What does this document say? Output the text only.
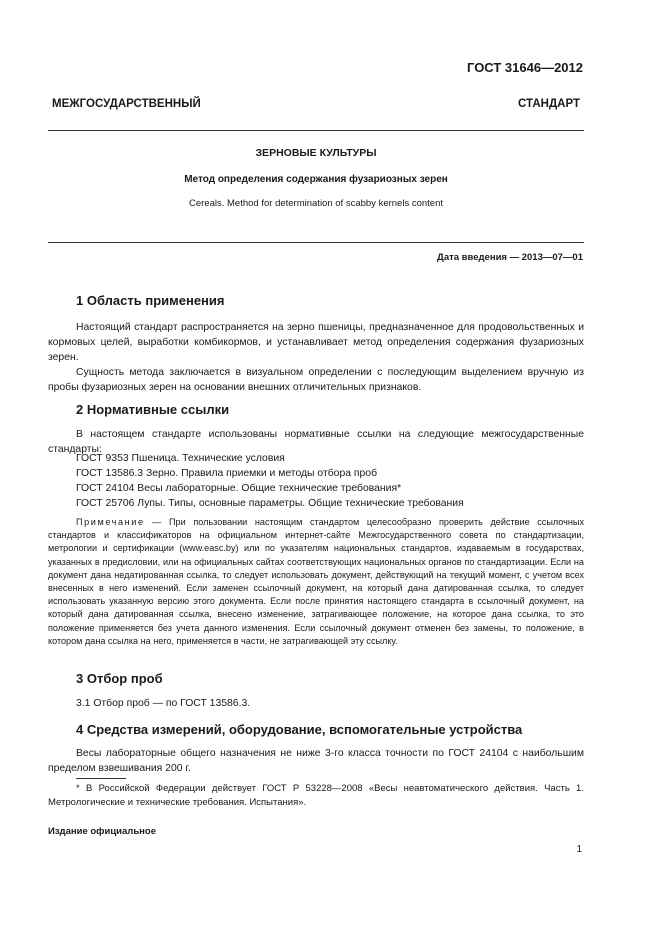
ГОСТ 31646—2012
МЕЖГОСУДАРСТВЕННЫЙ СТАНДАРТ
ЗЕРНОВЫЕ КУЛЬТУРЫ
Метод определения содержания фузариозных зерен
Cereals. Method for determination of scabby kernels content
Дата введения — 2013—07—01
1 Область применения
Настоящий стандарт распространяется на зерно пшеницы, предназначенное для продовольственных и кормовых целей, выработки комбикормов, и устанавливает метод определения содержания фузариозных зерен.
Сущность метода заключается в визуальном определении с последующим выделением вручную из пробы фузариозных зерен на основании внешних отличительных признаков.
2 Нормативные ссылки
В настоящем стандарте использованы нормативные ссылки на следующие межгосударственные стандарты:
ГОСТ 9353 Пшеница. Технические условия
ГОСТ 13586.3 Зерно. Правила приемки и методы отбора проб
ГОСТ 24104 Весы лабораторные. Общие технические требования*
ГОСТ 25706 Лупы. Типы, основные параметры. Общие технические требования
Примечание — При пользовании настоящим стандартом целесообразно проверить действие ссылочных стандартов и классификаторов на официальном интернет-сайте Межгосударственного совета по стандартизации, метрологии и сертификации (www.easc.by) или по указателям национальных стандартов, издаваемым в государствах, указанных в предисловии, или на официальных сайтах соответствующих национальных органов по стандартизации. Если на документ дана недатированная ссылка, то следует использовать документ, действующий на текущий момент, с учетом всех внесенных в него изменений. Если заменен ссылочный документ, на который дана датированная ссылка, то следует использовать указанную версию этого документа. Если после принятия настоящего стандарта в ссылочный документ, на который дана датированная ссылка, внесено изменение, затрагивающее положение, на которое дана ссылка, то это положение применяется без учета данного изменения. Если ссылочный документ отменен без замены, то положение, в котором дана ссылка на него, применяется в части, не затрагивающей эту ссылку.
3 Отбор проб
3.1 Отбор проб — по ГОСТ 13586.3.
4 Средства измерений, оборудование, вспомогательные устройства
Весы лабораторные общего назначения не ниже 3-го класса точности по ГОСТ 24104 с наибольшим пределом взвешивания 200 г.
* В Российской Федерации действует ГОСТ Р 53228—2008 «Весы неавтоматического действия. Часть 1. Метрологические и технические требования. Испытания».
Издание официальное
1
